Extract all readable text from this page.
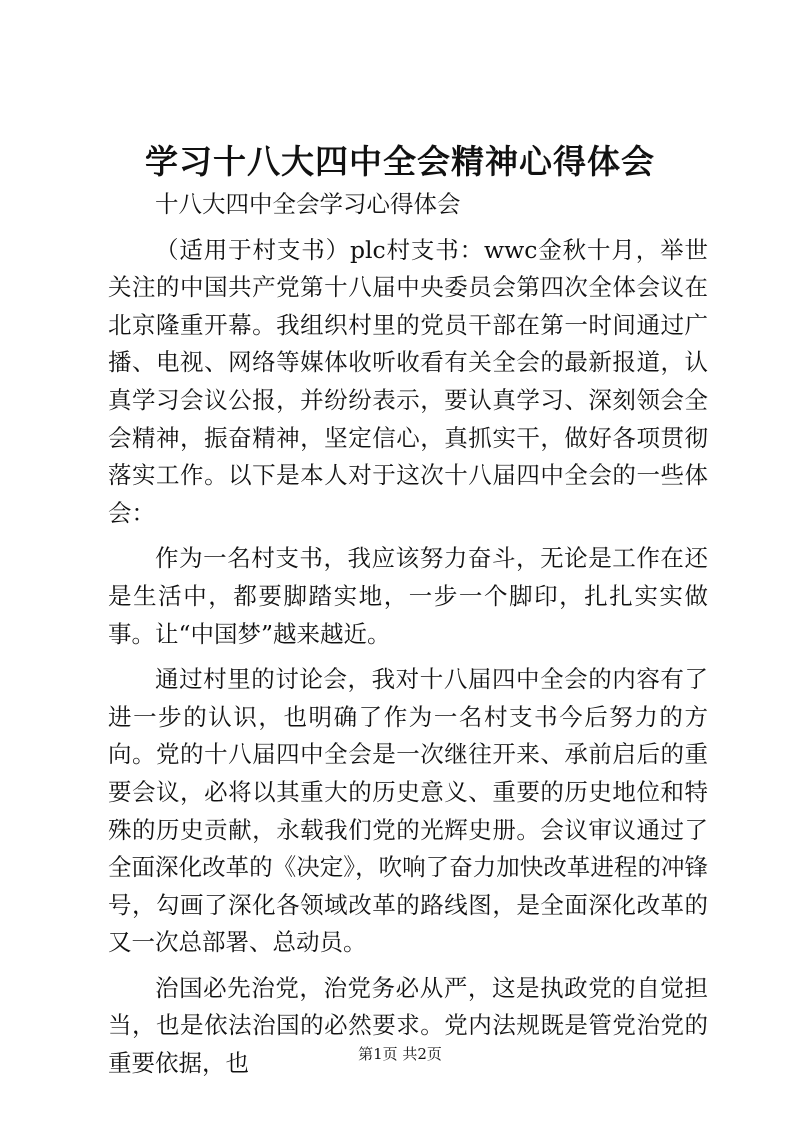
学习十八大四中全会精神心得体会

十八大四中全会学习心得体会

（适用于村支书）plc村支书：wwc金秋十月，举世关注的中国共产党第十八届中央委员会第四次全体会议在北京隆重开幕。我组织村里的党员干部在第一时间通过广播、电视、网络等媒体收听收看有关全会的最新报道，认真学习会议公报，并纷纷表示，要认真学习、深刻领会全会精神，振奋精神，坚定信心，真抓实干，做好各项贯彻落实工作。以下是本人对于这次十八届四中全会的一些体会：

作为一名村支书，我应该努力奋斗，无论是工作在还是生活中，都要脚踏实地，一步一个脚印，扎扎实实做事。让“中国梦”越来越近。

通过村里的讨论会，我对十八届四中全会的内容有了进一步的认识，也明确了作为一名村支书今后努力的方向。党的十八届四中全会是一次继往开来、承前启后的重要会议，必将以其重大的历史意义、重要的历史地位和特殊的历史贡献，永载我们党的光辉史册。会议审议通过了全面深化改革的《决定》，吹响了奋力加快改革进程的冲锋号，勾画了深化各领域改革的路线图，是全面深化改革的又一次总部署、总动员。

治国必先治党，治党务必从严，这是执政党的自觉担当，也是依法治国的必然要求。党内法规既是管党治党的重要依据，也	第1页 共2页
